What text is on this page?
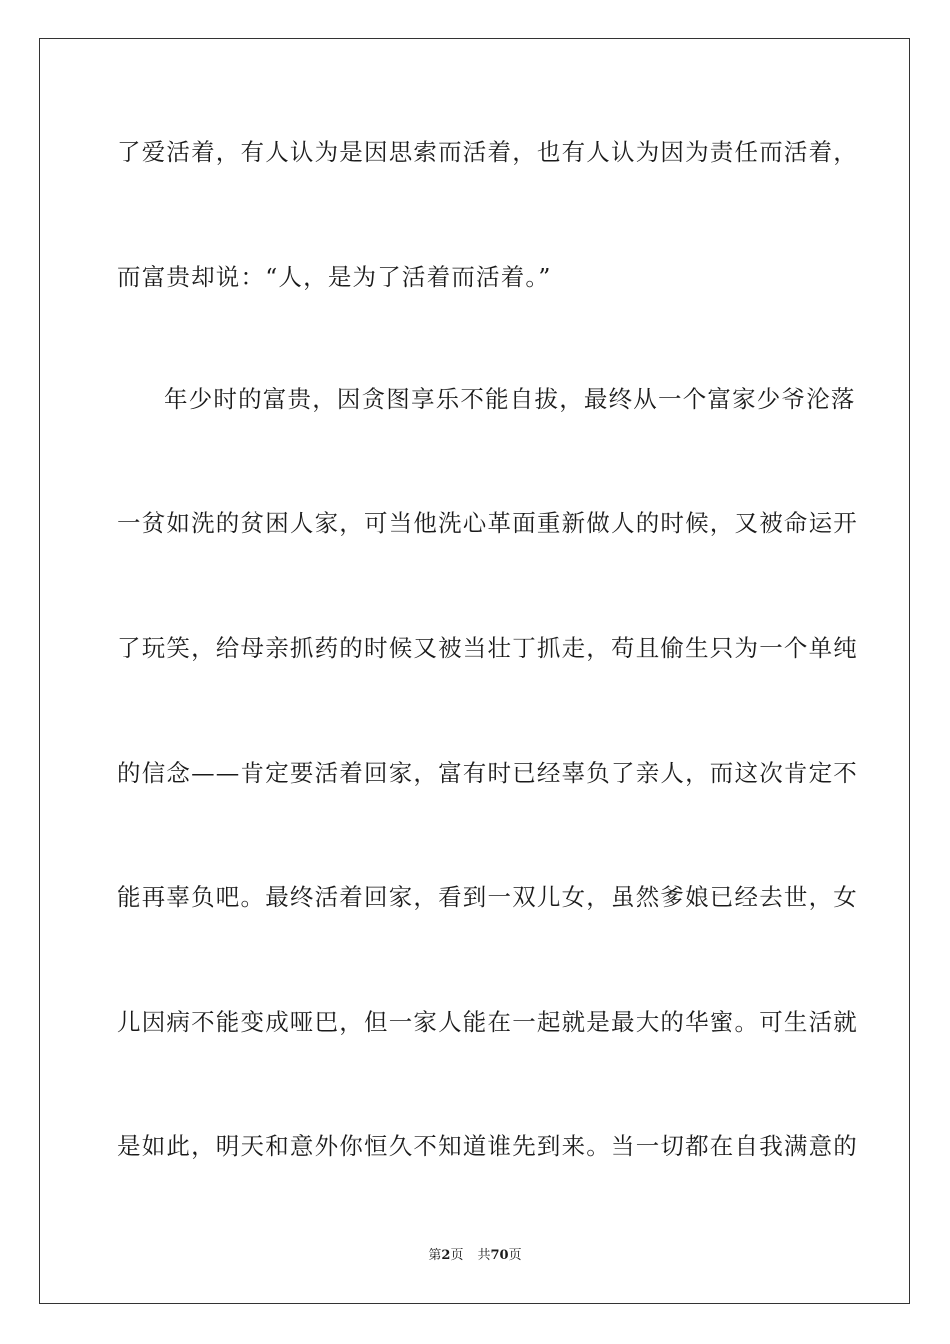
了爱活着，有人认为是因思索而活着，也有人认为因为责任而活着，
而富贵却说：“人，是为了活着而活着。”
年少时的富贵，因贪图享乐不能自拔，最终从一个富家少爷沦落
一贫如洗的贫困人家，可当他洗心革面重新做人的时候，又被命运开
了玩笑，给母亲抓药的时候又被当壮丁抓走，苟且偷生只为一个单纯
的信念——肯定要活着回家，富有时已经辜负了亲人，而这次肯定不
能再辜负吧。最终活着回家，看到一双儿女，虽然爹娘已经去世，女
儿因病不能变成哑巴，但一家人能在一起就是最大的华蜜。可生活就
是如此，明天和意外你恒久不知道谁先到来。当一切都在自我满意的
第2页 共70页
